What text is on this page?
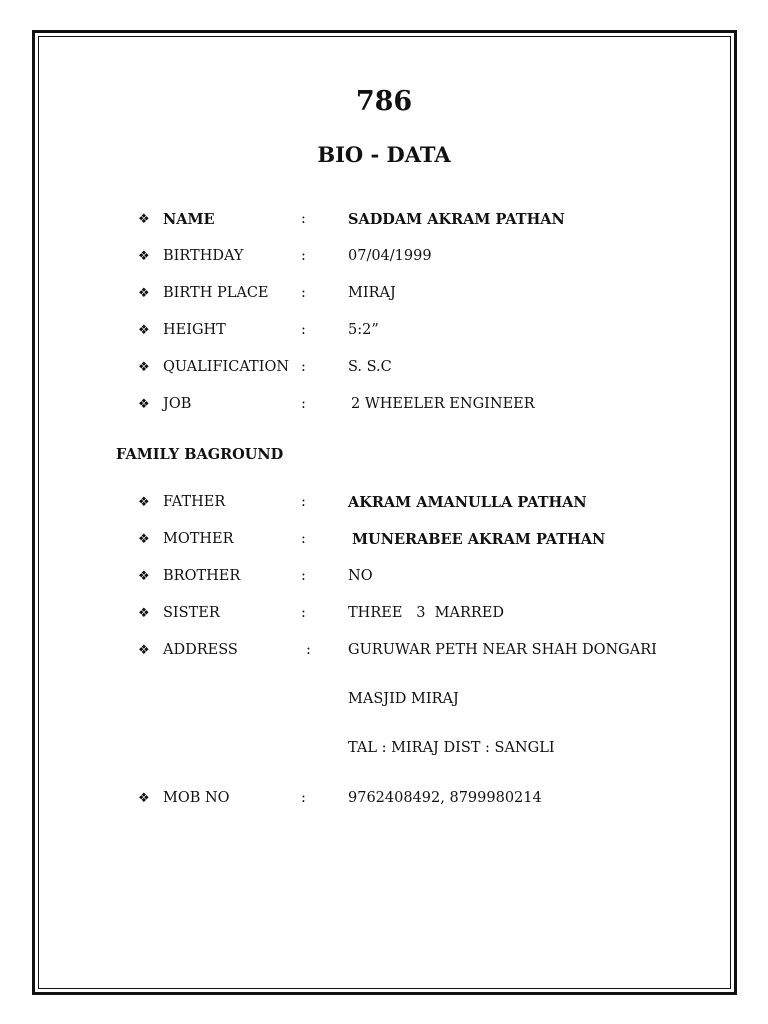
786
BIO - DATA
❖ NAME	:	SADDAM AKRAM PATHAN
❖ BIRTHDAY	:	07/04/1999
❖ BIRTH PLACE :	MIRAJ
❖ HEIGHT	:	5:2”
❖ QUALIFICATION :	S. S.C
❖ JOB	:	2 WHEELER ENGINEER
FAMILY BAGROUND
❖ FATHER	:	AKRAM AMANULLA PATHAN
❖ MOTHER	:	MUNERABEE AKRAM PATHAN
❖ BROTHER	:	NO
❖ SISTER	:	THREE   3  MARRED
❖ ADDRESS	:	GURUWAR PETH NEAR SHAH DONGARI
MASJID MIRAJ
TAL : MIRAJ DIST : SANGLI
❖ MOB NO	:	9762408492, 8799980214
